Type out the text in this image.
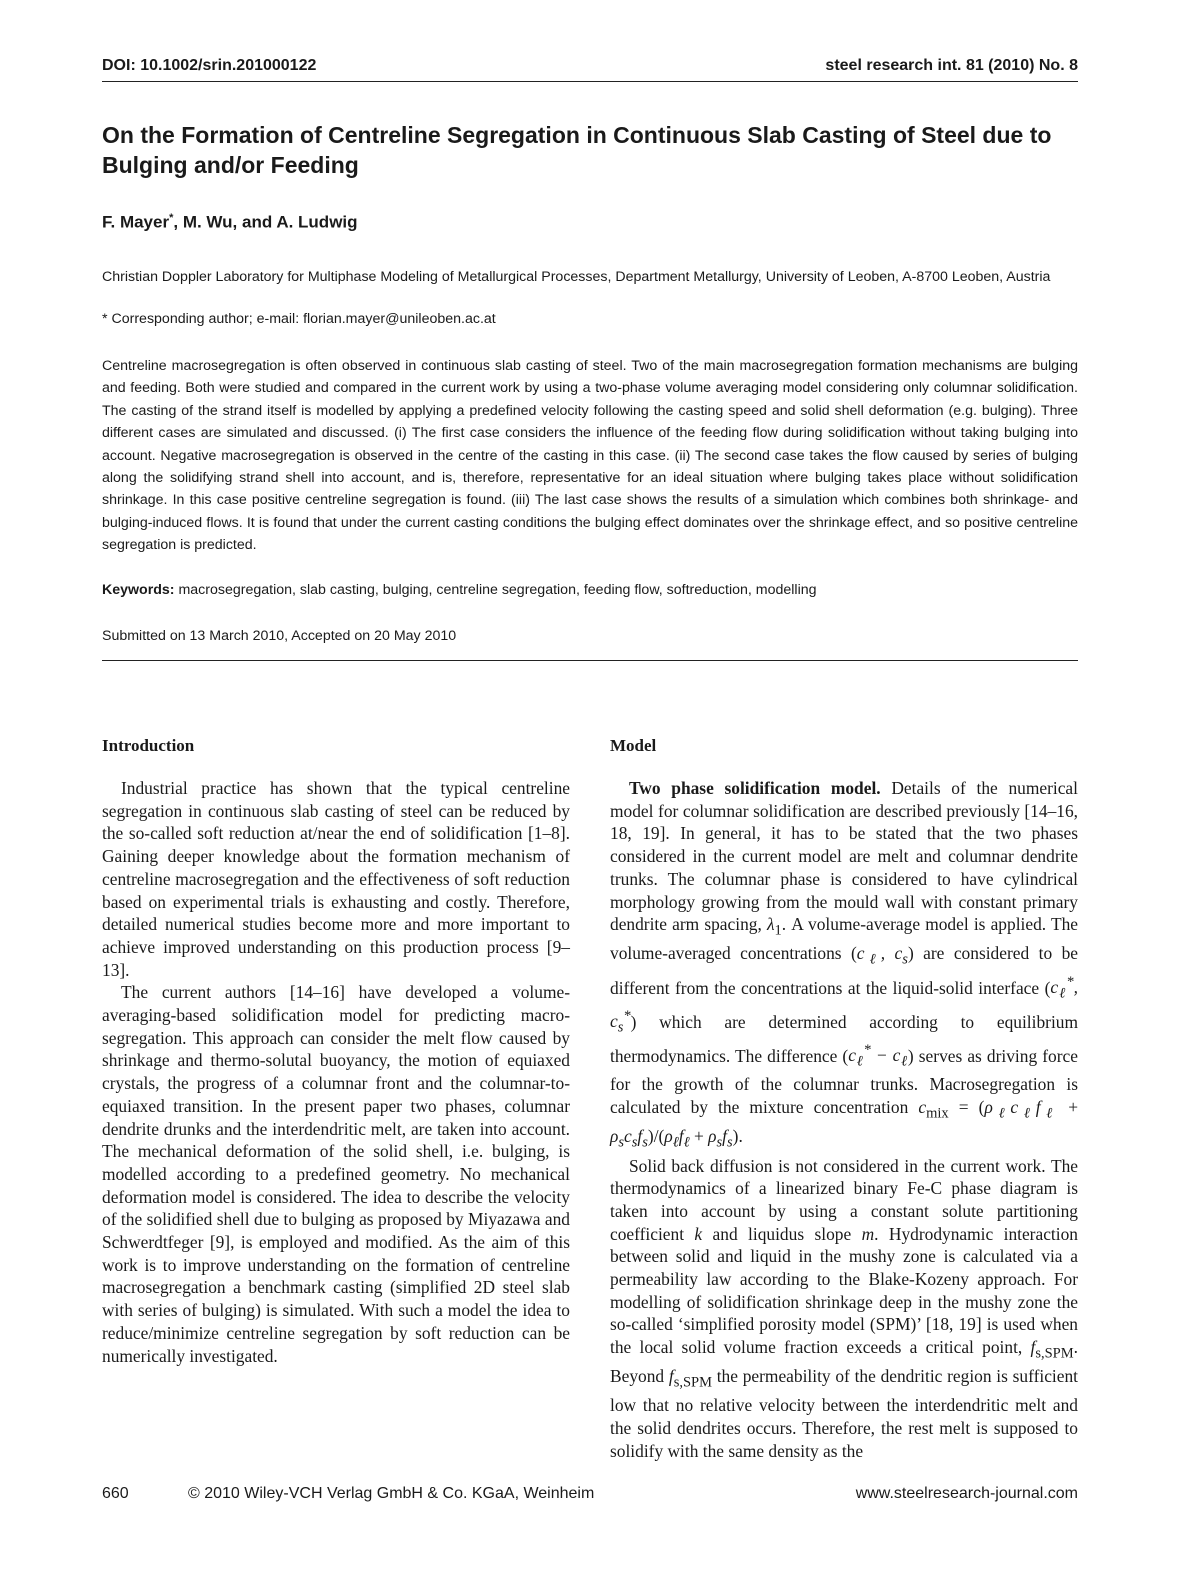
DOI: 10.1002/srin.201000122	steel research int. 81 (2010) No. 8
On the Formation of Centreline Segregation in Continuous Slab Casting of Steel due to Bulging and/or Feeding
F. Mayer*, M. Wu, and A. Ludwig
Christian Doppler Laboratory for Multiphase Modeling of Metallurgical Processes, Department Metallurgy, University of Leoben, A-8700 Leoben, Austria
* Corresponding author; e-mail: florian.mayer@unileoben.ac.at

Centreline macrosegregation is often observed in continuous slab casting of steel. Two of the main macrosegregation formation mechanisms are bulging and feeding. Both were studied and compared in the current work by using a two-phase volume averaging model considering only columnar solidification. The casting of the strand itself is modelled by applying a predefined velocity following the casting speed and solid shell deformation (e.g. bulging). Three different cases are simulated and discussed. (i) The first case considers the influence of the feeding flow during solidification without taking bulging into account. Negative macrosegregation is observed in the centre of the casting in this case. (ii) The second case takes the flow caused by series of bulging along the solidifying strand shell into account, and is, therefore, representative for an ideal situation where bulging takes place without solidification shrinkage. In this case positive centreline segregation is found. (iii) The last case shows the results of a simulation which combines both shrinkage- and bulging-induced flows. It is found that under the current casting conditions the bulging effect dominates over the shrinkage effect, and so positive centreline segregation is predicted.

Keywords: macrosegregation, slab casting, bulging, centreline segregation, feeding flow, softreduction, modelling
Submitted on 13 March 2010, Accepted on 20 May 2010
Introduction

Industrial practice has shown that the typical centreline segregation in continuous slab casting of steel can be reduced by the so-called soft reduction at/near the end of solidification [1–8]. Gaining deeper knowledge about the formation mechanism of centreline macrosegregation and the effectiveness of soft reduction based on experimental trials is exhausting and costly. Therefore, detailed numerical studies become more and more important to achieve improved understanding on this production process [9–13].

The current authors [14–16] have developed a volume-averaging-based solidification model for predicting macro-segregation. This approach can consider the melt flow caused by shrinkage and thermo-solutal buoyancy, the motion of equiaxed crystals, the progress of a columnar front and the columnar-to-equiaxed transition. In the present paper two phases, columnar dendrite drunks and the interdendritic melt, are taken into account. The mechanical deformation of the solid shell, i.e. bulging, is modelled according to a predefined geometry. No mechanical deformation model is considered. The idea to describe the velocity of the solidified shell due to bulging as proposed by Miyazawa and Schwerdtfeger [9], is employed and modified. As the aim of this work is to improve understanding on the formation of centreline macrosegregation a benchmark casting (simplified 2D steel slab with series of bulging) is simulated. With such a model the idea to reduce/minimize centreline segregation by soft reduction can be numerically investigated.

Model

Two phase solidification model. Details of the numerical model for columnar solidification are described previously [14–16, 18, 19]. In general, it has to be stated that the two phases considered in the current model are melt and columnar dendrite trunks. The columnar phase is considered to have cylindrical morphology growing from the mould wall with constant primary dendrite arm spacing, $\lambda_1$. A volume-average model is applied. The volume-averaged concentrations ($c_\ell$, $c_s$) are considered to be different from the concentrations at the liquid-solid interface ($c_\ell^*$, $c_s^*$) which are determined according to equilibrium thermodynamics. The difference $(c_\ell^* - c_\ell)$ serves as driving force for the growth of the columnar trunks. Macrosegregation is calculated by the mixture concentration $c_{mix} = (\rho_\ell c_\ell f_\ell + \rho_sc_sf_s)/(\rho_\ell f_\ell + \rho_sf_s)$.

Solid back diffusion is not considered in the current work. The thermodynamics of a linearized binary Fe-C phase diagram is taken into account by using a constant solute partitioning coefficient k and liquidus slope m. Hydrodynamic interaction between solid and liquid in the mushy zone is calculated via a permeability law according to the Blake-Kozeny approach. For modelling of solidification shrinkage deep in the mushy zone the so-called ‘simplified porosity model (SPM)’ [18, 19] is used when the local solid volume fraction exceeds a critical point, $f_{s,SPM}$. Beyond $f_{s,SPM}$ the permeability of the dendritic region is sufficient low that no relative velocity between the interdendritic melt and the solid dendrites occurs. Therefore, the rest melt is supposed to solidify with the same density as the

660	© 2010 Wiley-VCH Verlag GmbH & Co. KGaA, Weinheim	www.steelresearch-journal.com
